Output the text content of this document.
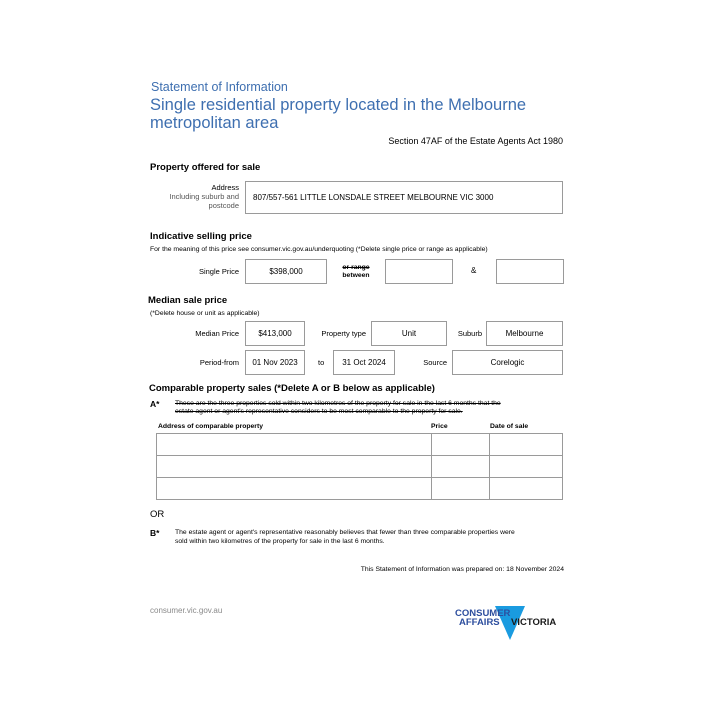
Statement of Information
Single residential property located in the Melbourne metropolitan area
Section 47AF of the Estate Agents Act 1980
Property offered for sale
Address
Including suburb and
postcode
807/557-561 LITTLE LONSDALE STREET MELBOURNE VIC 3000
Indicative selling price
For the meaning of this price see consumer.vic.gov.au/underquoting (*Delete single price or range as applicable)
Single Price	$398,000	or range
between
&
Median sale price
(*Delete house or unit as applicable)
Median Price $413,000	Property type	Unit	Suburb	Melbourne
Period-from 01 Nov 2023	to 31 Oct 2024	Source	Corelogic
Comparable property sales (*Delete A or B below as applicable)
A* These are the three properties sold within two kilometres of the property for sale in the last 6 months that the
estate agent or agent's representative considers to be most comparable to the property for sale.
Address of comparable property	Price	Date of sale

OR
B* The estate agent or agent's representative reasonably believes that fewer than three comparable properties were
sold within two kilometres of the property for sale in the last 6 months.
This Statement of Information was prepared on: 18 November 2024
consumer.vic.gov.au	CONSUMER
AFFAIRS VICTORIA
